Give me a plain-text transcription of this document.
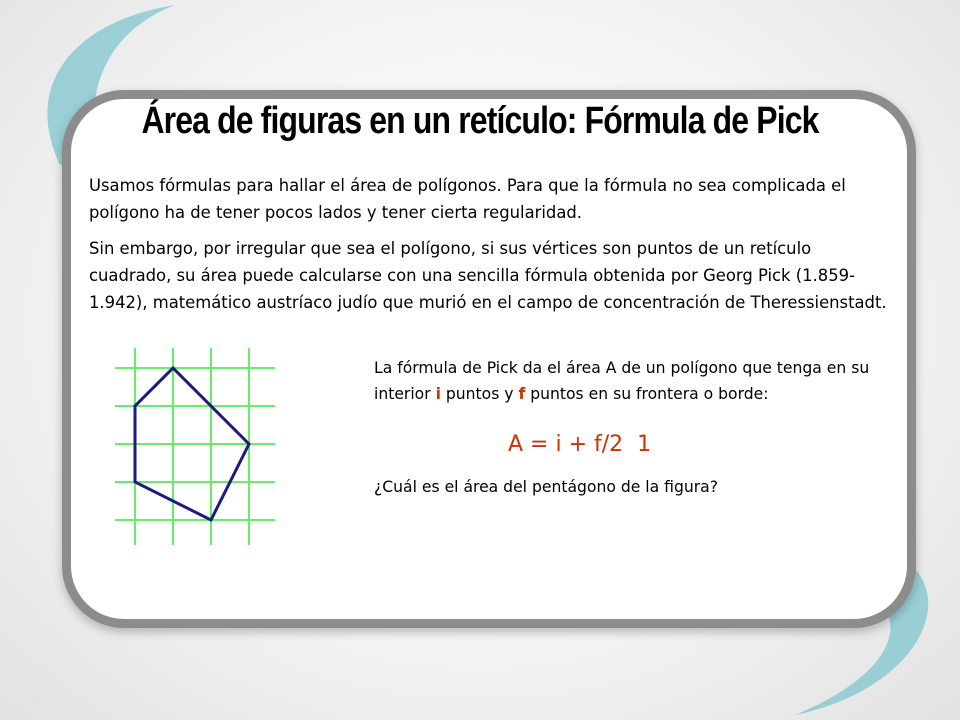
Área de figuras en un retículo: Fórmula de Pick

Usamos fórmulas para hallar el área de polígonos. Para que la fórmula no sea complicada el polígono ha de tener pocos lados y tener cierta regularidad.

Sin embargo, por irregular que sea el polígono, si sus vértices son puntos de un retículo cuadrado, su área puede calcularse con una sencilla fórmula obtenida por Georg Pick (1.859-1.942), matemático austríaco judío que murió en el campo de concentración de Theressienstadt.

La fórmula de Pick da el área A de un polígono que tenga en su interior i puntos y f puntos en su frontera o borde:

A = i + f/2  1
¿Cuál es el área del pentágono de la figura?
